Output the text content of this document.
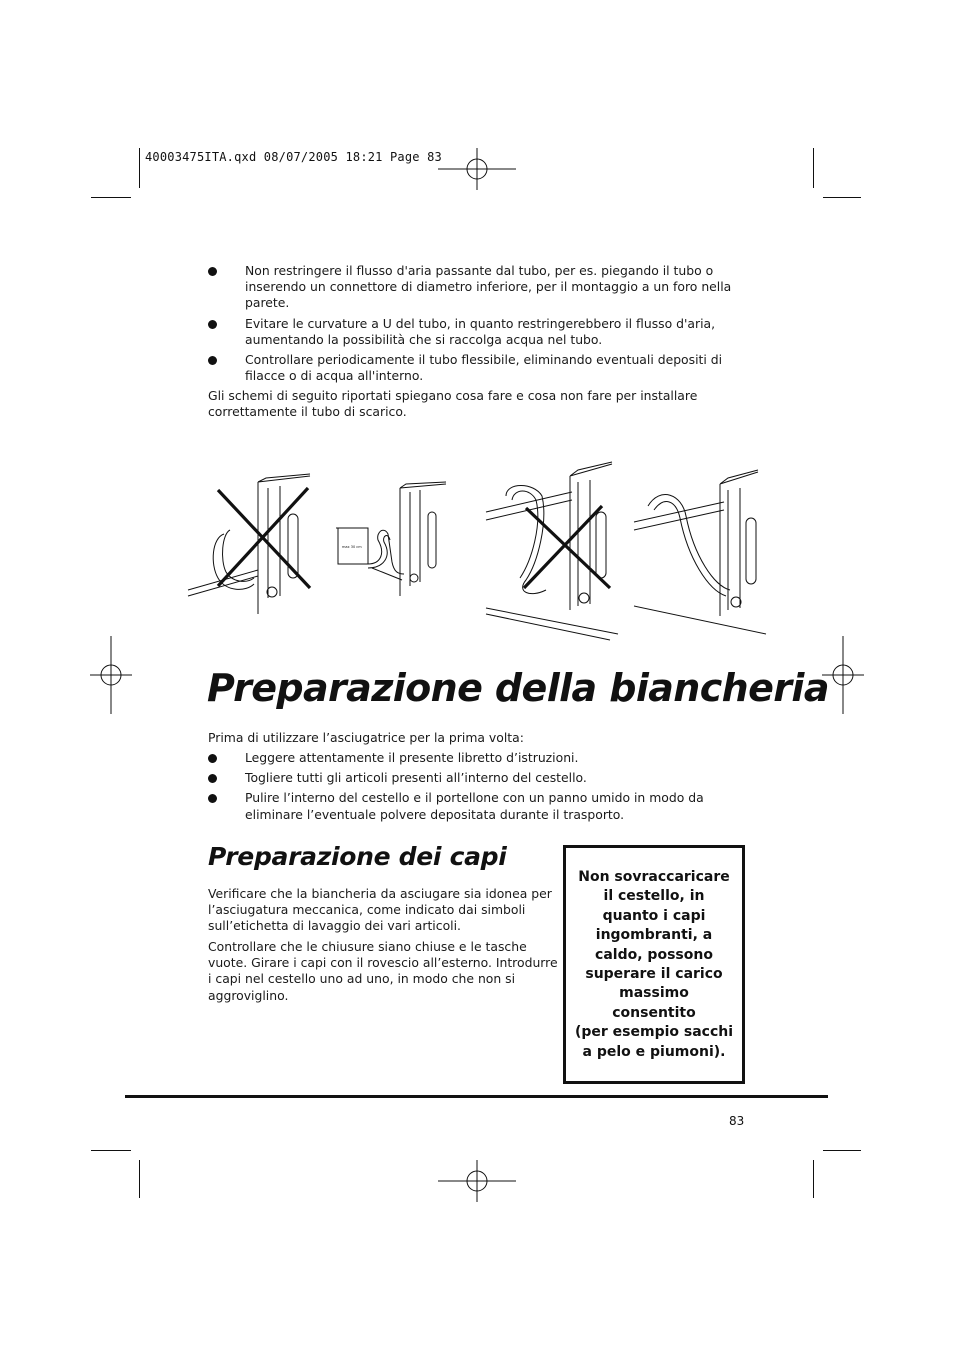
40003475ITA.qxd 08/07/2005 18:21 Page 83
Non restringere il flusso d'aria passante dal tubo, per es. piegando il tubo o inserendo un connettore di diametro inferiore, per il montaggio a un foro nella parete.
Evitare le curvature a U del tubo, in quanto restringerebbero il flusso d'aria, aumentando la possibilità che si raccolga acqua nel tubo.
Controllare periodicamente il tubo flessibile, eliminando eventuali depositi di filacce o di acqua all'interno.
Gli schemi di seguito riportati spiegano cosa fare e cosa non fare per installare correttamente il tubo di scarico.
max 30 cm
Preparazione della biancheria
Prima di utilizzare l’asciugatrice per la prima volta:
Leggere attentamente il presente libretto d’istruzioni.
Togliere tutti gli articoli presenti all’interno del cestello.
Pulire l’interno del cestello e il portellone con un panno umido in modo da eliminare l’eventuale polvere depositata durante il trasporto.
Preparazione dei capi
Verificare che la biancheria da asciugare sia idonea per l’asciugatura meccanica, come indicato dai simboli sull’etichetta di lavaggio dei vari articoli.
Controllare che le chiusure siano chiuse e le tasche vuote. Girare i capi con il rovescio all’esterno. Introdurre i capi nel cestello uno ad uno, in modo che non si aggroviglino.
Non sovraccaricare
il cestello, in
quanto i capi
ingombranti, a
caldo, possono
superare il carico
massimo
consentito
(per esempio sacchi
a pelo e piumoni).
83
